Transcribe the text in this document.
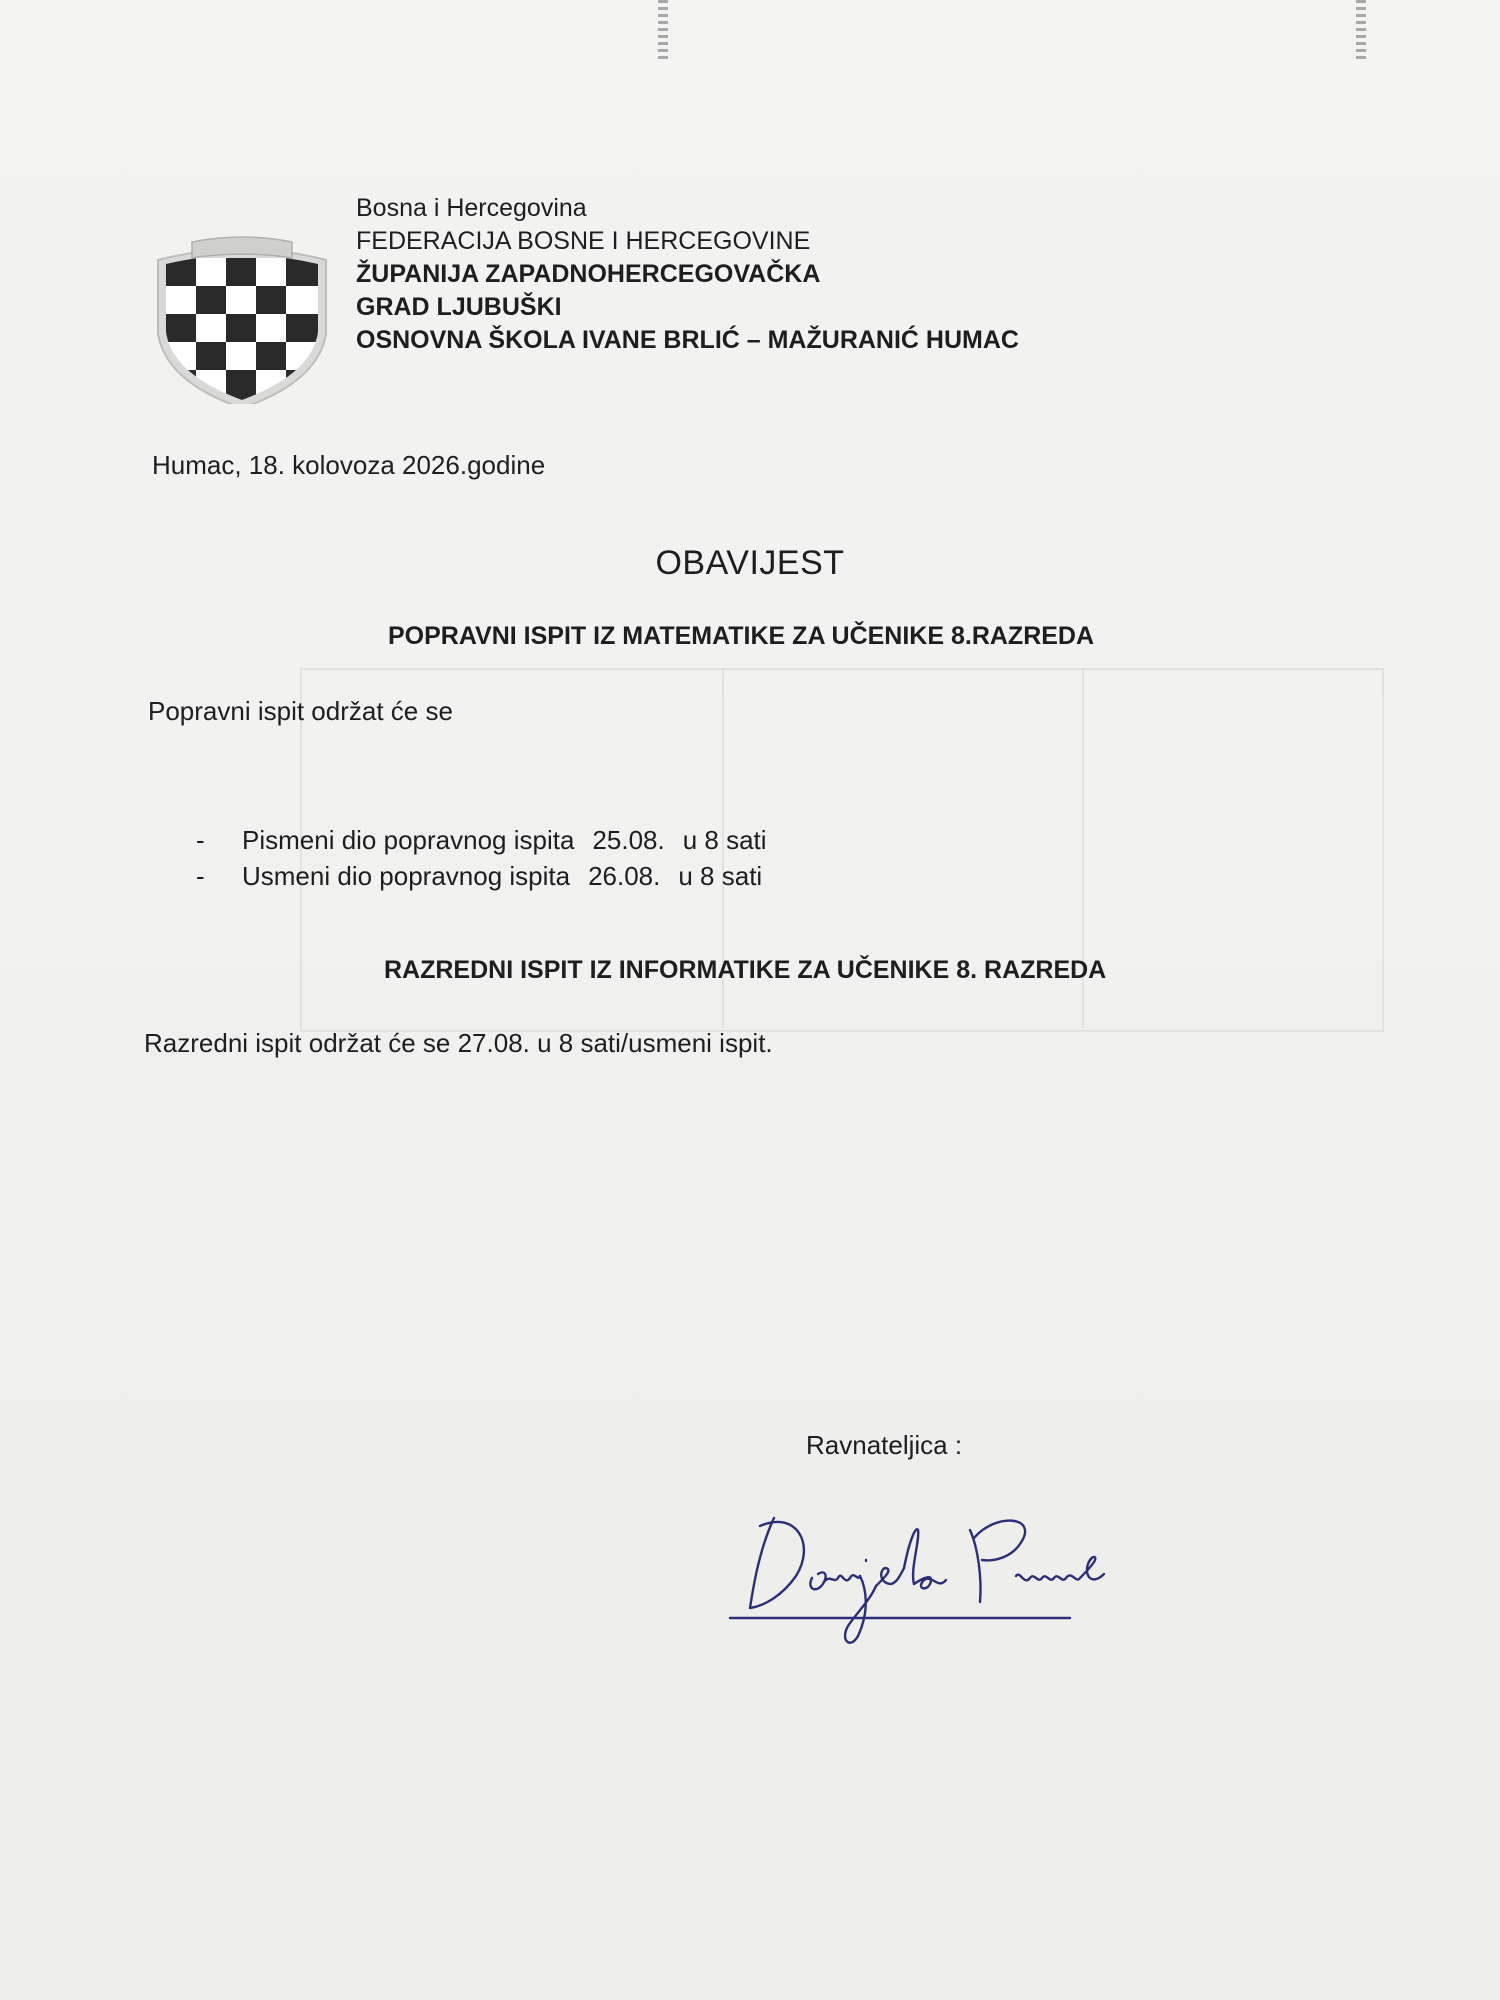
Bosna i Hercegovina
FEDERACIJA BOSNE I HERCEGOVINE
ŽUPANIJA ZAPADNOHERCEGOVAČKA
GRAD LJUBUŠKI
OSNOVNA ŠKOLA IVANE BRLIĆ – MAŽURANIĆ HUMAC
Humac, 18. kolovoza 2026.godine
OBAVIJEST
POPRAVNI ISPIT IZ MATEMATIKE ZA UČENIKE 8.RAZREDA
Popravni ispit održat će se
- Pismeni dio popravnog ispita 25.08. u 8 sati
- Usmeni dio popravnog ispita 26.08. u 8 sati
RAZREDNI ISPIT IZ INFORMATIKE ZA UČENIKE 8. RAZREDA
Razredni ispit održat će se 27.08. u 8 sati/usmeni ispit.
Ravnateljica :
